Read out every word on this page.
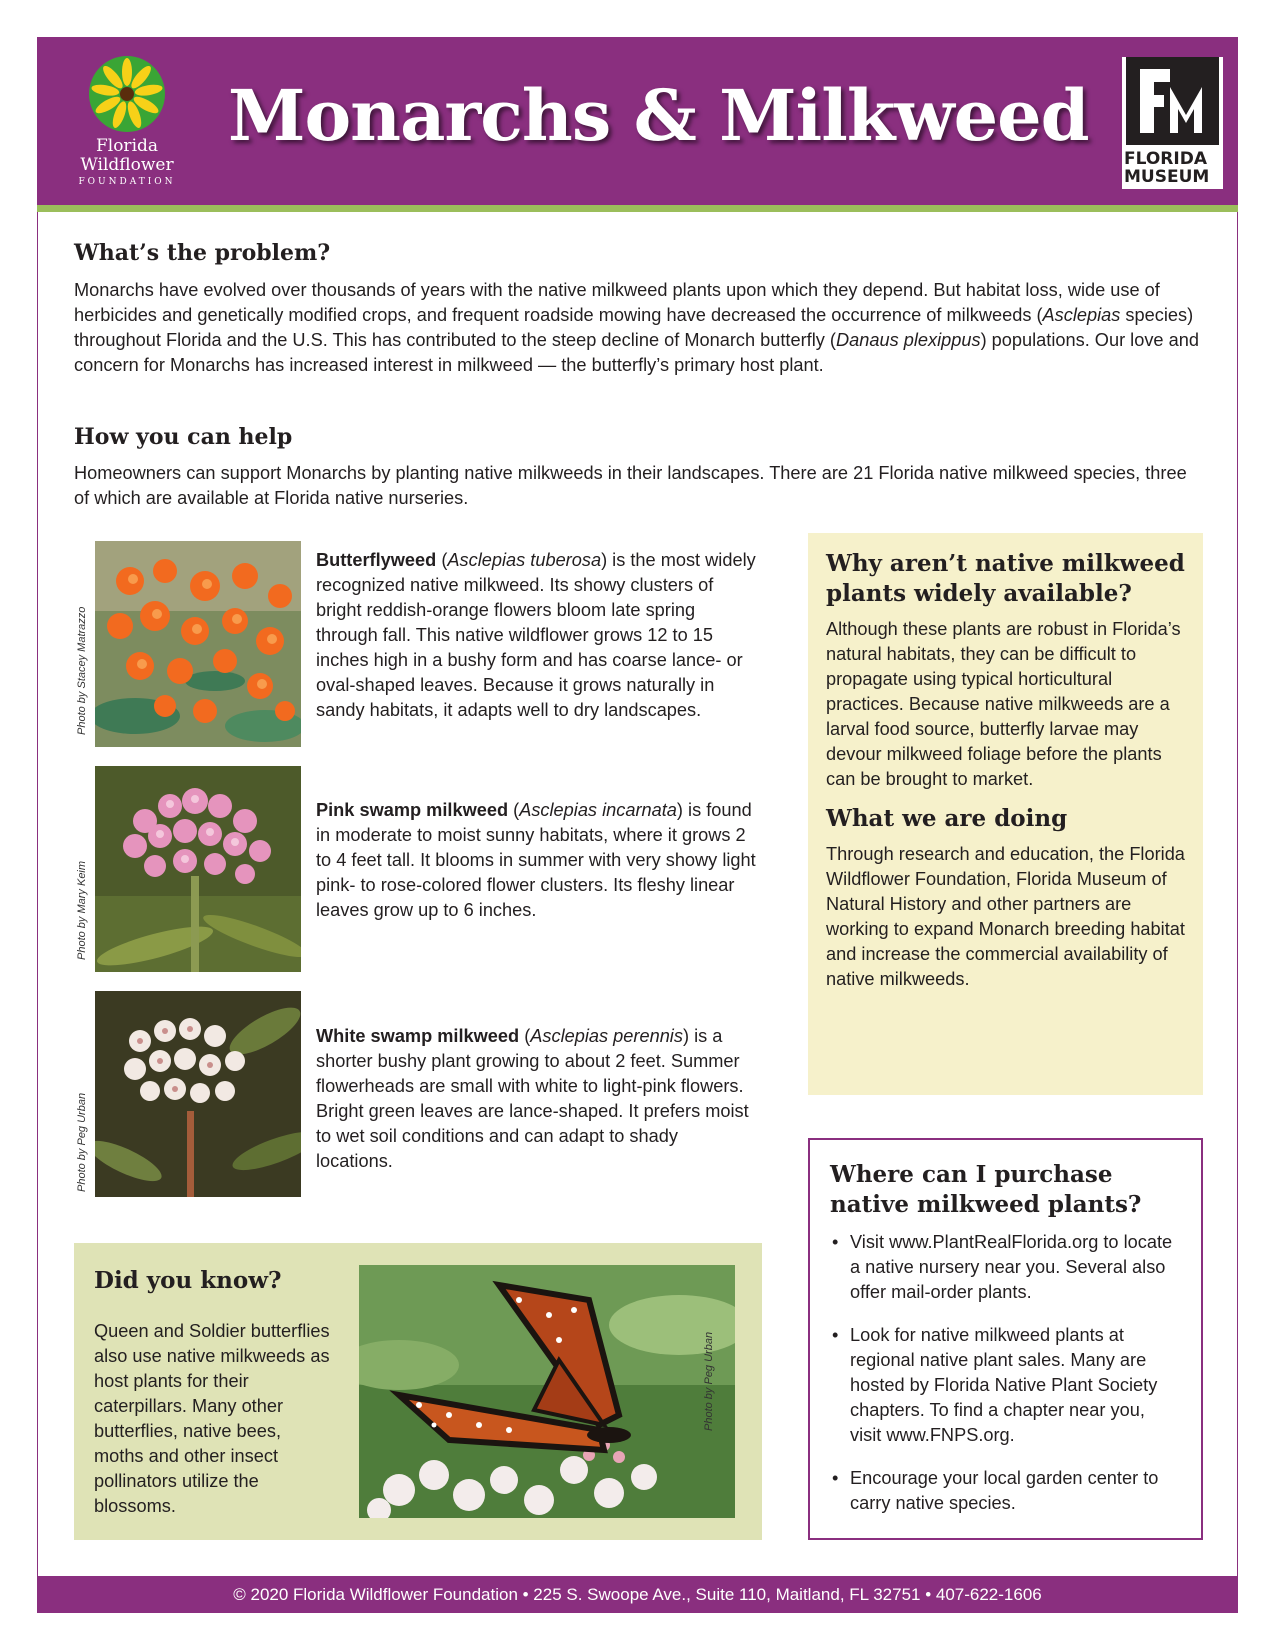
Florida
Wildflower
FOUNDATION
Monarchs & Milkweed
FLORIDA
MUSEUM
What’s the problem?

Monarchs have evolved over thousands of years with the native milkweed plants upon which they depend. But habitat loss, wide use of herbicides and genetically modified crops, and frequent roadside mowing have decreased the occurrence of milkweeds (Asclepias species) throughout Florida and the U.S. This has contributed to the steep decline of Monarch butterfly (Danaus plexippus) populations. Our love and concern for Monarchs has increased interest in milkweed — the butterfly’s primary host plant.

How you can help

Homeowners can support Monarchs by planting native milkweeds in their landscapes. There are 21 Florida native milkweed species, three of which are available at Florida native nurseries.

Photo by Stacey Matrazzo

Butterflyweed (Asclepias tuberosa) is the most widely recognized native milkweed. Its showy clusters of bright reddish-orange flowers bloom late spring through fall. This native wildflower grows 12 to 15 inches high in a bushy form and has coarse lance- or oval-shaped leaves. Because it grows naturally in sandy habitats, it adapts well to dry landscapes.

Photo by Mary Keim

Pink swamp milkweed (Asclepias incarnata) is found in moderate to moist sunny habitats, where it grows 2 to 4 feet tall. It blooms in summer with very showy light pink- to rose-colored flower clusters. Its fleshy linear leaves grow up to 6 inches.

Photo by Peg Urban

White swamp milkweed (Asclepias perennis) is a shorter bushy plant growing to about 2 feet. Summer flowerheads are small with white to light-pink flowers. Bright green leaves are lance-shaped. It prefers moist to wet soil conditions and can adapt to shady locations.

Why aren’t native milkweed plants widely available?

Although these plants are robust in Florida’s natural habitats, they can be difficult to propagate using typical horticultural practices. Because native milkweeds are a larval food source, butterfly larvae may devour milkweed foliage before the plants can be brought to market.

What we are doing

Through research and education, the Florida Wildflower Foundation, Florida Museum of Natural History and other partners are working to expand Monarch breeding habitat and increase the commercial availability of native milkweeds.

Did you know?

Queen and Soldier butterflies also use native milkweeds as host plants for their caterpillars. Many other butterflies, native bees, moths and other insect pollinators utilize the blossoms.

Photo by Peg Urban
Where can I purchase native milkweed plants?
• Visit www.PlantRealFlorida.org to locate a native nursery near you. Several also offer mail-order plants.
• Look for native milkweed plants at regional native plant sales. Many are hosted by Florida Native Plant Society chapters. To find a chapter near you, visit www.FNPS.org.
• Encourage your local garden center to carry native species.
© 2020 Florida Wildflower Foundation • 225 S. Swoope Ave., Suite 110, Maitland, FL 32751 • 407-622-1606
